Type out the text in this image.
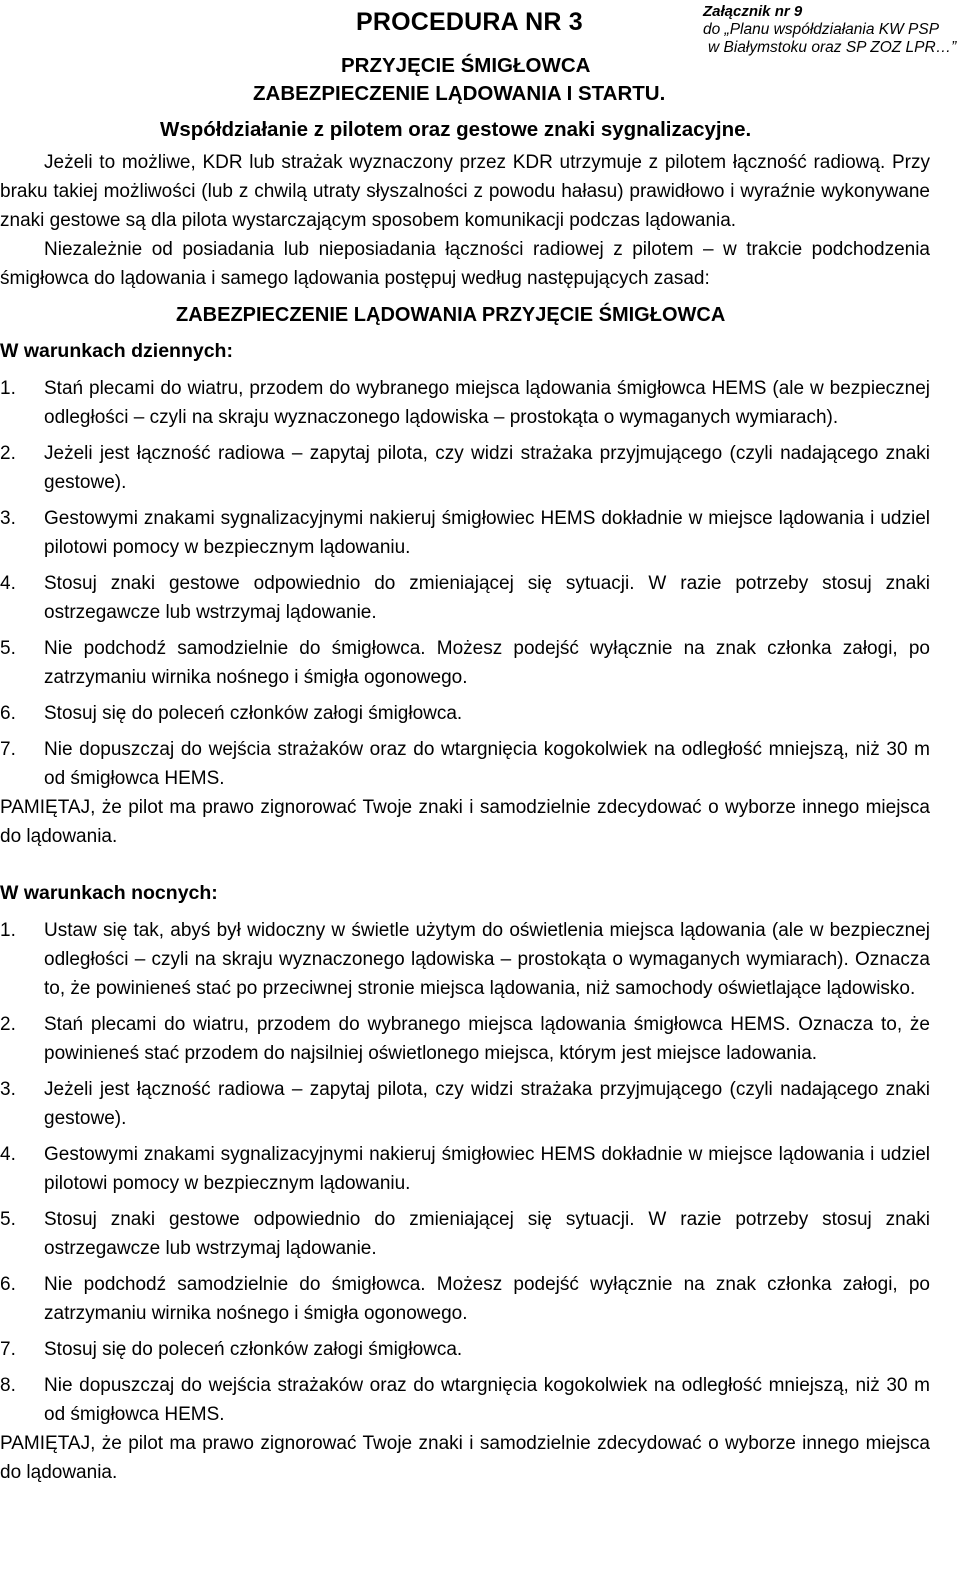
Załącznik nr 9
do „Planu współdziałania KW PSP
w Białymstoku oraz SP ZOZ LPR…”
PROCEDURA NR 3
PRZYJĘCIE ŚMIGŁOWCA
ZABEZPIECZENIE LĄDOWANIA I STARTU.
Współdziałanie z pilotem oraz gestowe znaki sygnalizacyjne.

Jeżeli to możliwe, KDR lub strażak wyznaczony przez KDR utrzymuje z pilotem łączność radiową. Przy braku takiej możliwości (lub z chwilą utraty słyszalności z powodu hałasu) prawidłowo i wyraźnie wykonywane znaki gestowe są dla pilota wystarczającym sposobem komunikacji podczas lądowania.

Niezależnie od posiadania lub nieposiadania łączności radiowej z pilotem – w trakcie podchodzenia śmigłowca do lądowania i samego lądowania postępuj według następujących zasad:

ZABEZPIECZENIE LĄDOWANIA PRZYJĘCIE ŚMIGŁOWCA
W warunkach dziennych:
1. Stań plecami do wiatru, przodem do wybranego miejsca lądowania śmigłowca HEMS (ale w bezpiecznej odległości – czyli na skraju wyznaczonego lądowiska – prostokąta o wymaganych wymiarach).
2. Jeżeli jest łączność radiowa – zapytaj pilota, czy widzi strażaka przyjmującego (czyli nadającego znaki gestowe).
3. Gestowymi znakami sygnalizacyjnymi nakieruj śmigłowiec HEMS dokładnie w miejsce lądowania i udziel pilotowi pomocy w bezpiecznym lądowaniu.
4. Stosuj znaki gestowe odpowiednio do zmieniającej się sytuacji. W razie potrzeby stosuj znaki ostrzegawcze lub wstrzymaj lądowanie.
5. Nie podchodź samodzielnie do śmigłowca. Możesz podejść wyłącznie na znak członka załogi, po zatrzymaniu wirnika nośnego i śmigła ogonowego.
6. Stosuj się do poleceń członków załogi śmigłowca.
7. Nie dopuszczaj do wejścia strażaków oraz do wtargnięcia kogokolwiek na odległość mniejszą, niż 30 m od śmigłowca HEMS.

PAMIĘTAJ, że pilot ma prawo zignorować Twoje znaki i samodzielnie zdecydować o wyborze innego miejsca do lądowania.

W warunkach nocnych:
1. Ustaw się tak, abyś był widoczny w świetle użytym do oświetlenia miejsca lądowania (ale w bezpiecznej odległości – czyli na skraju wyznaczonego lądowiska – prostokąta o wymaganych wymiarach). Oznacza to, że powinieneś stać po przeciwnej stronie miejsca lądowania, niż samochody oświetlające lądowisko.
2. Stań plecami do wiatru, przodem do wybranego miejsca lądowania śmigłowca HEMS. Oznacza to, że powinieneś stać przodem do najsilniej oświetlonego miejsca, którym jest miejsce ladowania.
3. Jeżeli jest łączność radiowa – zapytaj pilota, czy widzi strażaka przyjmującego (czyli nadającego znaki gestowe).
4. Gestowymi znakami sygnalizacyjnymi nakieruj śmigłowiec HEMS dokładnie w miejsce lądowania i udziel pilotowi pomocy w bezpiecznym lądowaniu.
5. Stosuj znaki gestowe odpowiednio do zmieniającej się sytuacji. W razie potrzeby stosuj znaki ostrzegawcze lub wstrzymaj lądowanie.
6. Nie podchodź samodzielnie do śmigłowca. Możesz podejść wyłącznie na znak członka załogi, po zatrzymaniu wirnika nośnego i śmigła ogonowego.
7. Stosuj się do poleceń członków załogi śmigłowca.
8. Nie dopuszczaj do wejścia strażaków oraz do wtargnięcia kogokolwiek na odległość mniejszą, niż 30 m od śmigłowca HEMS.

PAMIĘTAJ, że pilot ma prawo zignorować Twoje znaki i samodzielnie zdecydować o wyborze innego miejsca do lądowania.
